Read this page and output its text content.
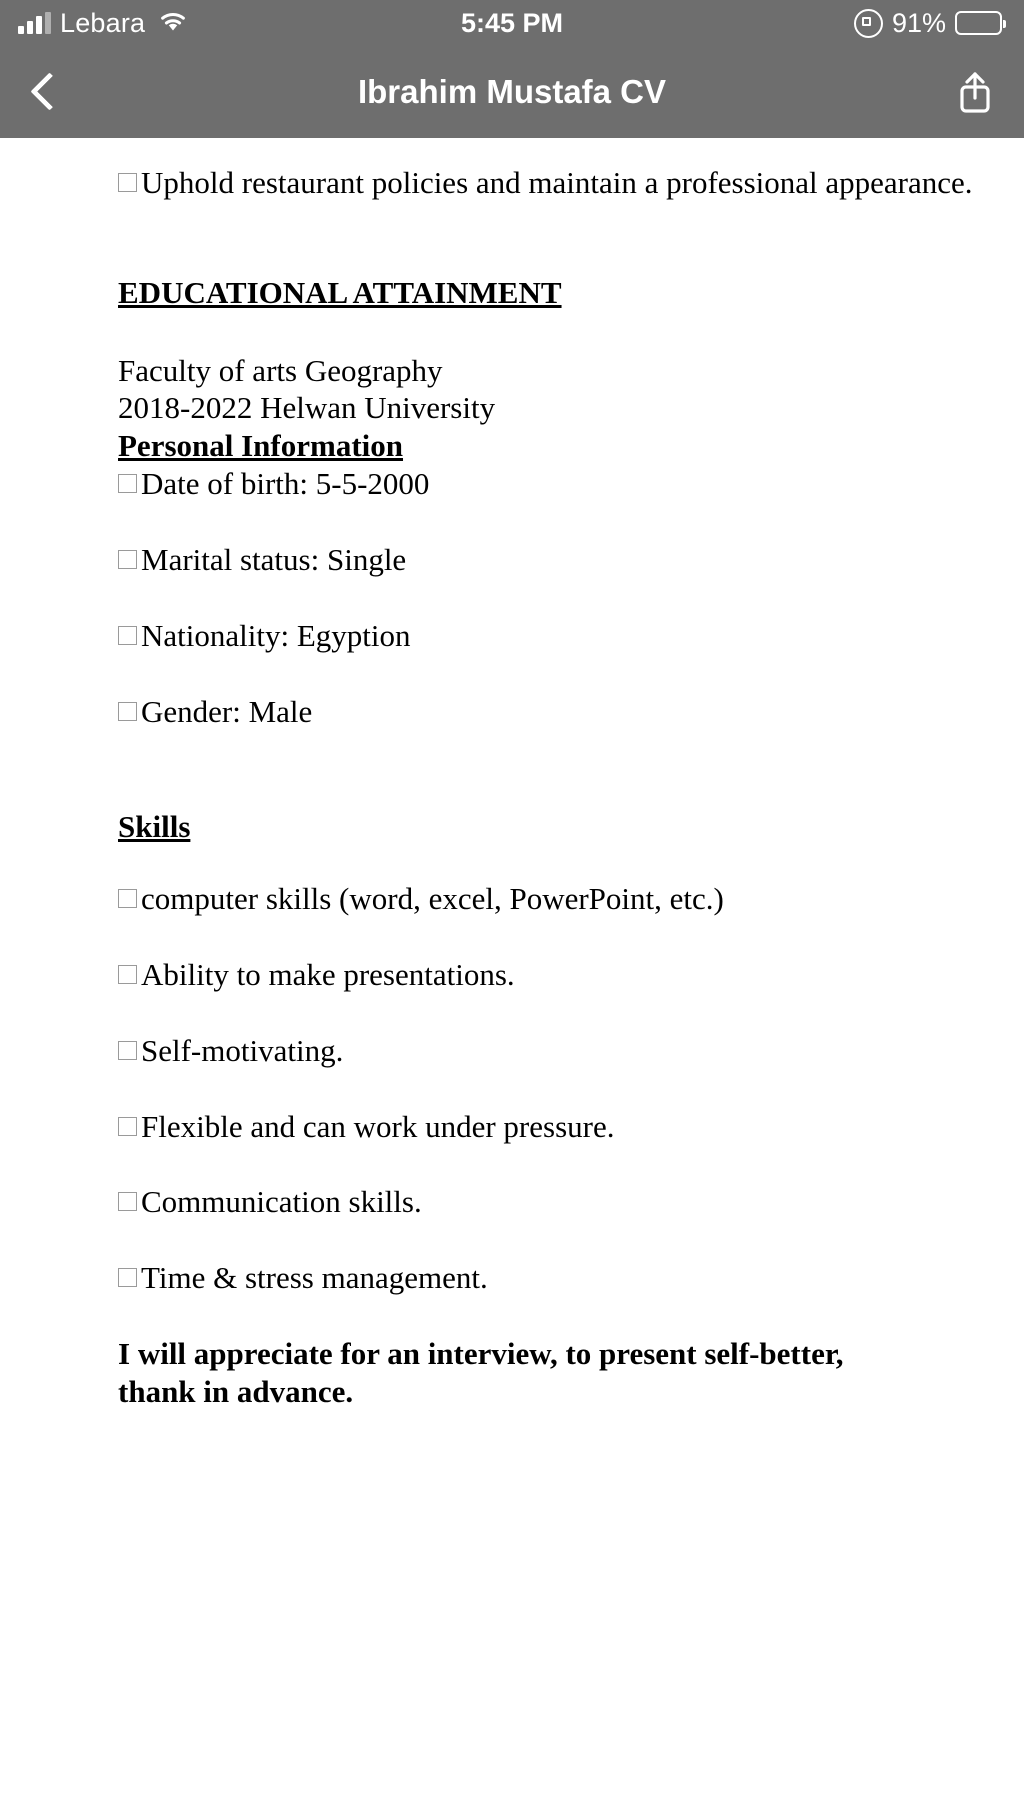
Lebara	5:45 PM	91%
Ibrahim Mustafa CV

Uphold restaurant policies and maintain a professional appearance.

EDUCATIONAL ATTAINMENT

Faculty of arts Geography

2018-2022 Helwan University

Personal Information

Date of birth: 5-5-2000

Marital status: Single

Nationality: Egyption

Gender: Male

Skills

computer skills (word, excel, PowerPoint, etc.)

Ability to make presentations.

Self-motivating.

Flexible and can work under pressure.

Communication skills.

Time & stress management.

I will appreciate for an interview, to present self-better, thank in advance.
